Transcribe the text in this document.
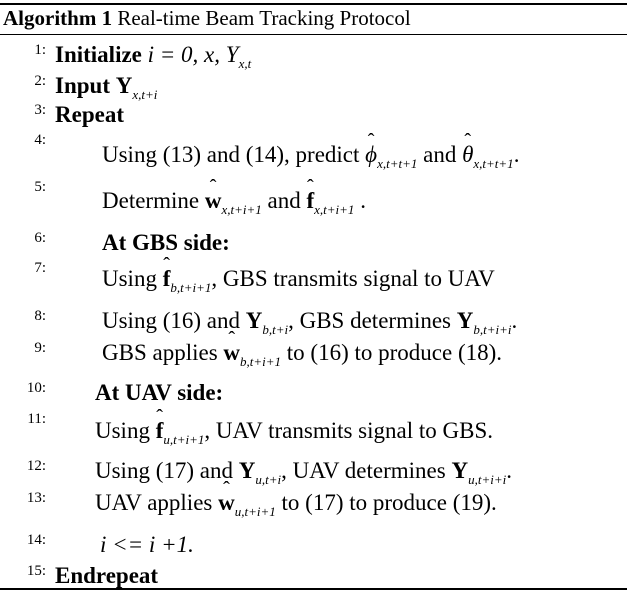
Algorithm 1 Real-time Beam Tracking Protocol
1: Initialize i = 0, x, $Y_{x,t}$
2: Input $Y_{x,t+i}$
3: Repeat
4:
Using (13) and (14), predict ˆ $\phi_{x,t+t+1}$ and ˆ $\theta_{x,t+t+1}$.
5:
Determine ˆ $w_{x,t+i+1}$ and ˆ $f_{x,t+i+1}$ .
6: At GBS side:
7: Using ˆ $f_{b,t+i+1}$, GBS transmits signal to UAV
8: Using (16) and $Y_{b,t+i}$, GBS determines $Y_{b,t+i+i}$.
9: GBS applies ˆ $w_{b,t+i+1}$ to (16) to produce (18).
10: At UAV side:
11: Using ˆ $f_{u,t+i+1}$, UAV transmits signal to GBS.
12: Using (17) and $Y_{u,t+i}$, UAV determines $Y_{u,t+i+i}$.
13: UAV applies ˆ $w_{u,t+i+1}$ to (17) to produce (19).
14: i <= i +1.
15: Endrepeat
